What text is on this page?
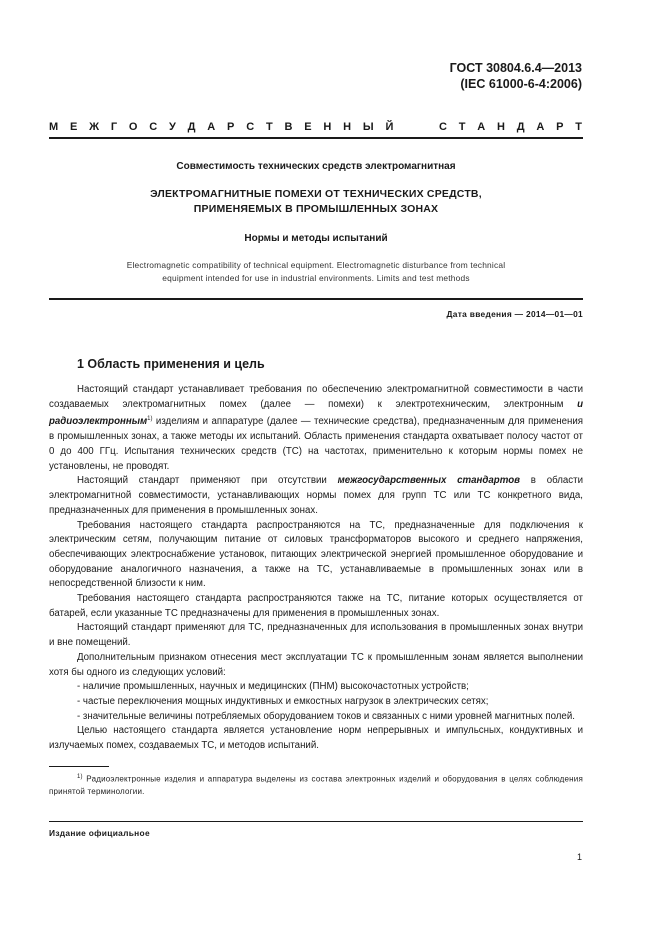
ГОСТ 30804.6.4—2013
(IEC 61000-6-4:2006)
М Е Ж Г О С У Д А Р С Т В Е Н Н Ы Й	С Т А Н Д А Р Т
Совместимость технических средств электромагнитная
ЭЛЕКТРОМАГНИТНЫЕ ПОМЕХИ ОТ ТЕХНИЧЕСКИХ СРЕДСТВ,
ПРИМЕНЯЕМЫХ В ПРОМЫШЛЕННЫХ ЗОНАХ
Нормы и методы испытаний
Electromagnetic compatibility of technical equipment. Electromagnetic disturbance from technical
equipment intended for use in industrial environments. Limits and test methods
Дата введения — 2014—01—01
1 Область применения и цель

Настоящий стандарт устанавливает требования по обеспечению электромагнитной совместимости в части создаваемых электромагнитных помех (далее — помехи) к электротехническим, электронным и радиоэлектронным$^{1)}$ изделиям и аппаратуре (далее — технические средства), предназначенным для применения в промышленных зонах, а также методы их испытаний. Область применения стандарта охватывает полосу частот от 0 до 400 ГГц. Испытания технических средств (ТС) на частотах, применительно к которым нормы помех не установлены, не проводят.

Настоящий стандарт применяют при отсутствии межгосударственных стандартов в области электромагнитной совместимости, устанавливающих нормы помех для групп ТС или ТС конкретного вида, предназначенных для применения в промышленных зонах.

Требования настоящего стандарта распространяются на ТС, предназначенные для подключения к электрическим сетям, получающим питание от силовых трансформаторов высокого и среднего напряжения, обеспечивающих электроснабжение установок, питающих электрической энергией промышленное оборудование и оборудование аналогичного назначения, а также на ТС, устанавливаемые в промышленных зонах или в непосредственной близости к ним.

Требования настоящего стандарта распространяются также на ТС, питание которых осуществляется от батарей, если указанные ТС предназначены для применения в промышленных зонах.

Настоящий стандарт применяют для ТС, предназначенных для использования в промышленных зонах внутри и вне помещений.

Дополнительным признаком отнесения мест эксплуатации ТС к промышленным зонам является выполнении хотя бы одного из следующих условий:

- наличие промышленных, научных и медицинских (ПНМ) высокочастотных устройств;

- частые переключения мощных индуктивных и емкостных нагрузок в электрических сетях;

- значительные величины потребляемых оборудованием токов и связанных с ними уровней магнитных полей.

Целью настоящего стандарта является установление норм непрерывных и импульсных, кондуктивных и излучаемых помех, создаваемых ТС, и методов испытаний.

$^{1)}$ Радиоэлектронные изделия и аппаратура выделены из состава электронных изделий и оборудования в целях соблюдения принятой терминологии.
Издание официальное
1
